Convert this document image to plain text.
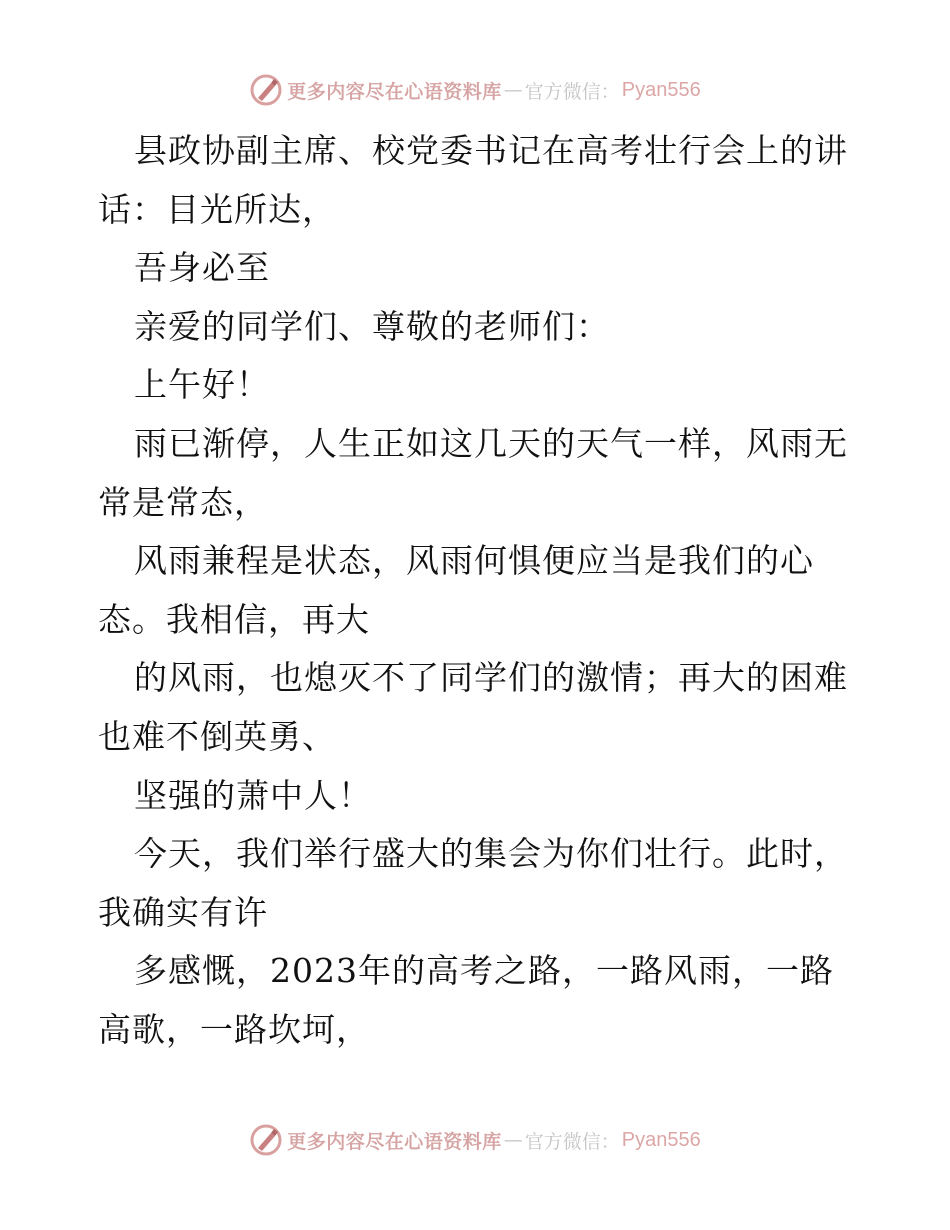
更多内容尽在心语资料库 — 官方微信： Pyan556

县政协副主席、校党委书记在高考壮行会上的讲话：目光所达，

吾身必至

亲爱的同学们、尊敬的老师们：

上午好！

雨已渐停，人生正如这几天的天气一样，风雨无常是常态，

风雨兼程是状态，风雨何惧便应当是我们的心态。我相信，再大

的风雨，也熄灭不了同学们的激情；再大的困难也难不倒英勇、

坚强的萧中人！

今天，我们举行盛大的集会为你们壮行。此时，我确实有许

多感慨，2023年的高考之路，一路风雨，一路高歌，一路坎坷，

更多内容尽在心语资料库 — 官方微信： Pyan556
